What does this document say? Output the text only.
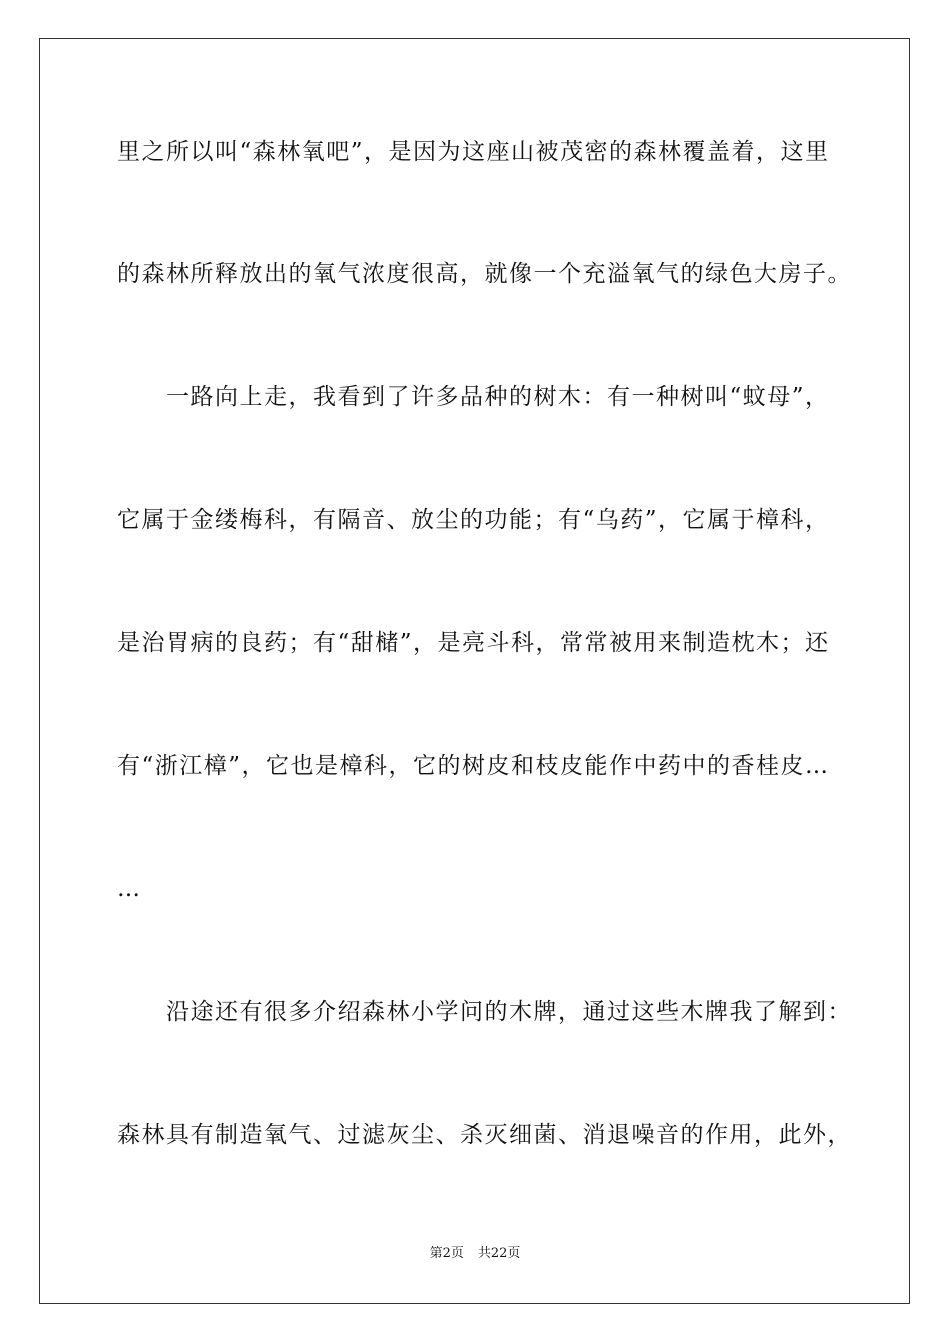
里之所以叫“森林氧吧”，是因为这座山被茂密的森林覆盖着，这里
的森林所释放出的氧气浓度很高，就像一个充溢氧气的绿色大房子。
　　一路向上走，我看到了许多品种的树木：有一种树叫“蚊母”，
它属于金缕梅科，有隔音、放尘的功能；有“乌药”，它属于樟科，
是治胃病的良药；有“甜槠”，是亮斗科，常常被用来制造枕木；还
有“浙江樟”，它也是樟科，它的树皮和枝皮能作中药中的香桂皮…
…
　　沿途还有很多介绍森林小学问的木牌，通过这些木牌我了解到：
森林具有制造氧气、过滤灰尘、杀灭细菌、消退噪音的作用，此外，
第2页 共22页
